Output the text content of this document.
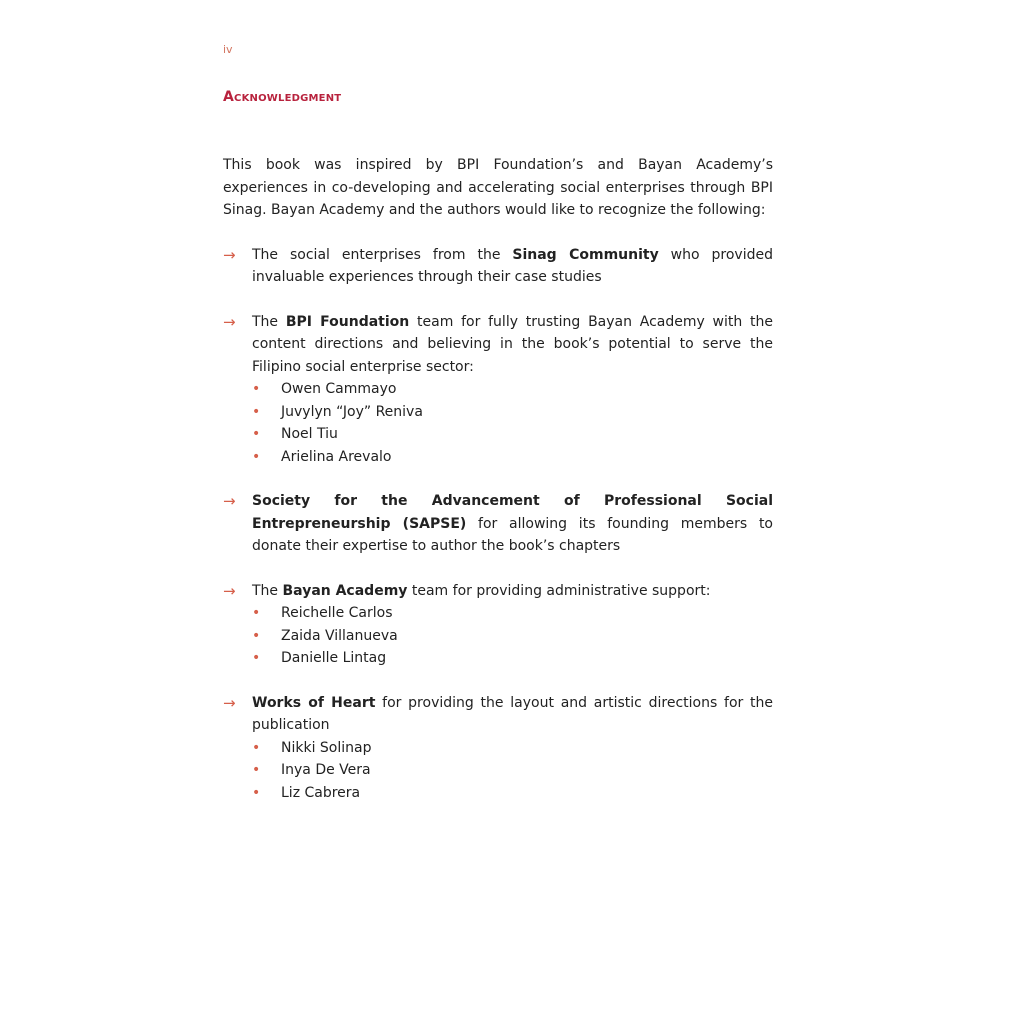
iv
Acknowledgment
This book was inspired by BPI Foundation’s and Bayan Academy’s experiences in co-developing and accelerating social enterprises through BPI Sinag. Bayan Academy and the authors would like to recognize the following:
→ The social enterprises from the Sinag Community who provided invaluable experiences through their case studies
→ The BPI Foundation team for fully trusting Bayan Academy with the content directions and believing in the book’s potential to serve the Filipino social enterprise sector:
• Owen Cammayo
• Juvylyn “Joy” Reniva
• Noel Tiu
• Arielina Arevalo
→ Society for the Advancement of Professional Social Entrepreneurship (SAPSE) for allowing its founding members to donate their expertise to author the book’s chapters
→ The Bayan Academy team for providing administrative support:
• Reichelle Carlos
• Zaida Villanueva
• Danielle Lintag
→ Works of Heart for providing the layout and artistic directions for the publication
• Nikki Solinap
• Inya De Vera
• Liz Cabrera
